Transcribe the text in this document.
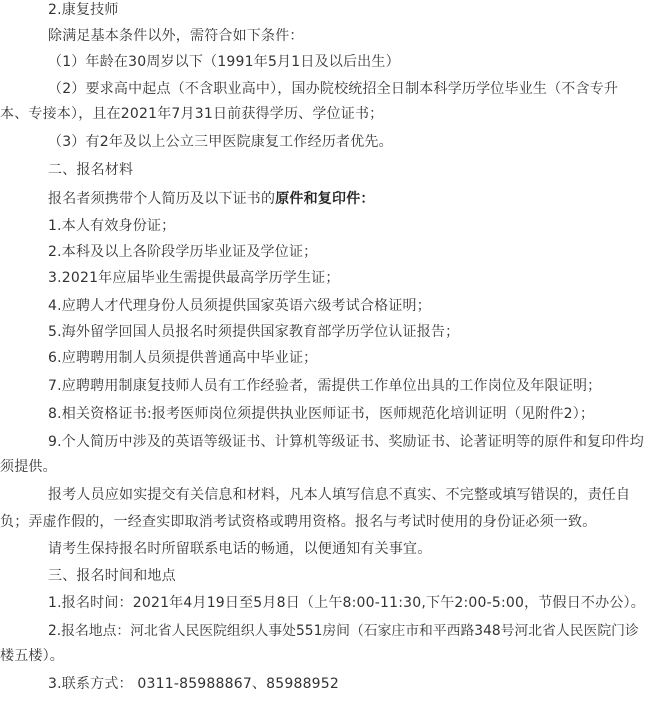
2.康复技师
除满足基本条件以外，需符合如下条件：
（1）年龄在30周岁以下（1991年5月1日及以后出生）
（2）要求高中起点（不含职业高中），国办院校统招全日制本科学历学位毕业生（不含专升
本、专接本），且在2021年7月31日前获得学历、学位证书；
（3）有2年及以上公立三甲医院康复工作经历者优先。
二、报名材料
报名者须携带个人简历及以下证书的原件和复印件：
1.本人有效身份证；
2.本科及以上各阶段学历毕业证及学位证；
3.2021年应届毕业生需提供最高学历学生证；
4.应聘人才代理身份人员须提供国家英语六级考试合格证明；
5.海外留学回国人员报名时须提供国家教育部学历学位认证报告；
6.应聘聘用制人员须提供普通高中毕业证；
7.应聘聘用制康复技师人员有工作经验者，需提供工作单位出具的工作岗位及年限证明；
8.相关资格证书:报考医师岗位须提供执业医师证书，医师规范化培训证明（见附件2）；
9.个人简历中涉及的英语等级证书、计算机等级证书、奖励证书、论著证明等的原件和复印件均
须提供。
报考人员应如实提交有关信息和材料，凡本人填写信息不真实、不完整或填写错误的，责任自
负；弄虚作假的，一经查实即取消考试资格或聘用资格。报名与考试时使用的身份证必须一致。
请考生保持报名时所留联系电话的畅通，以便通知有关事宜。
三、报名时间和地点
1.报名时间：2021年4月19日至5月8日（上午8:00-11:30,下午2:00-5:00，节假日不办公）。
2.报名地点：河北省人民医院组织人事处551房间（石家庄市和平西路348号河北省人民医院门诊
楼五楼）。
3.联系方式： 0311-85988867、85988952
